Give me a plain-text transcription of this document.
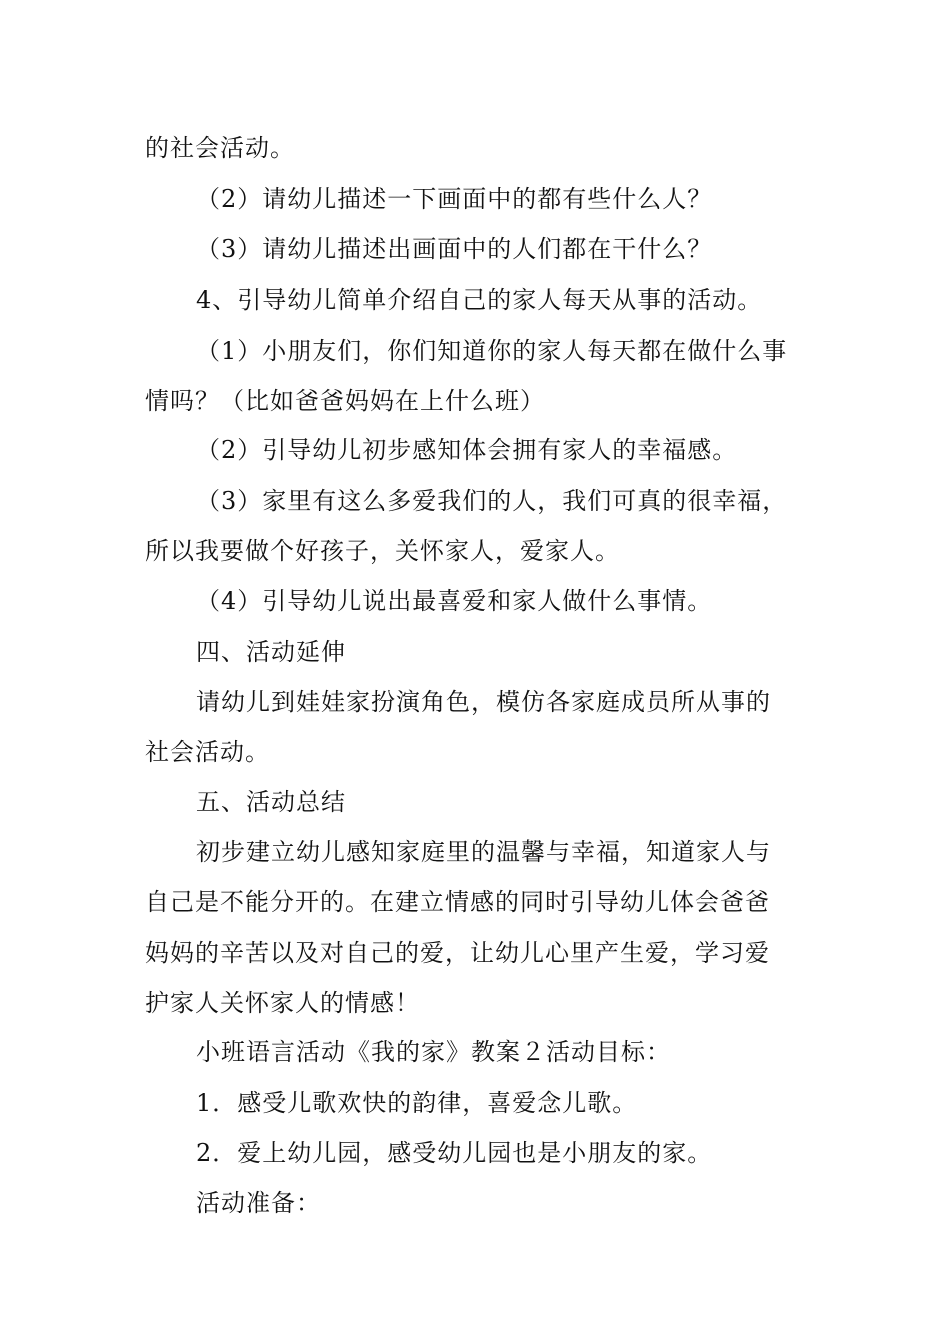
的社会活动。
（2）请幼儿描述一下画面中的都有些什么人？
（3）请幼儿描述出画面中的人们都在干什么？
4、引导幼儿简单介绍自己的家人每天从事的活动。
（1）小朋友们，你们知道你的家人每天都在做什么事
情吗？（比如爸爸妈妈在上什么班）
（2）引导幼儿初步感知体会拥有家人的幸福感。
（3）家里有这么多爱我们的人，我们可真的很幸福，
所以我要做个好孩子，关怀家人，爱家人。
（4）引导幼儿说出最喜爱和家人做什么事情。
四、活动延伸
请幼儿到娃娃家扮演角色，模仿各家庭成员所从事的
社会活动。
五、活动总结
初步建立幼儿感知家庭里的温馨与幸福，知道家人与
自己是不能分开的。在建立情感的同时引导幼儿体会爸爸
妈妈的辛苦以及对自己的爱，让幼儿心里产生爱，学习爱
护家人关怀家人的情感！
小班语言活动《我的家》教案２活动目标：
1．感受儿歌欢快的韵律，喜爱念儿歌。
2．爱上幼儿园，感受幼儿园也是小朋友的家。
活动准备：
